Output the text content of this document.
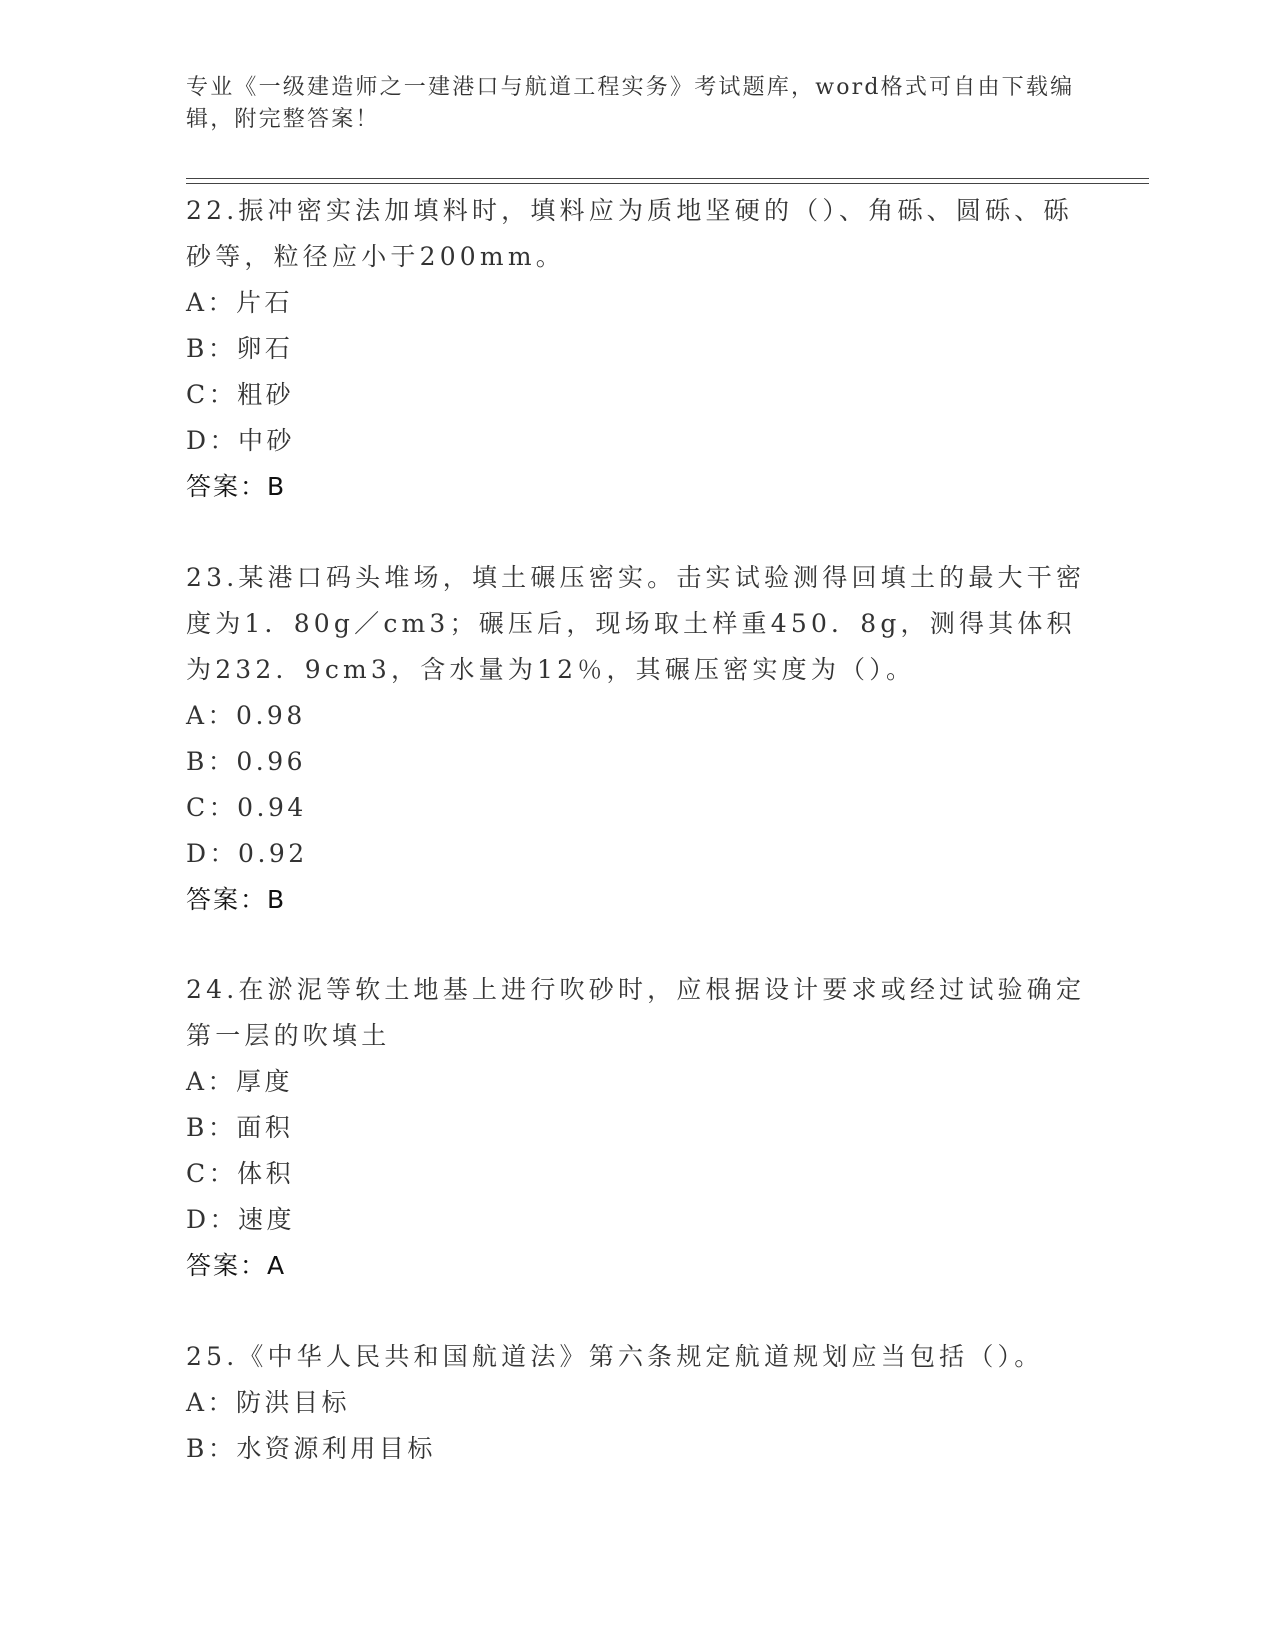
专业《一级建造师之一建港口与航道工程实务》考试题库，word格式可自由下载编辑，附完整答案！

22.振冲密实法加填料时，填料应为质地坚硬的（）、角砾、圆砾、砾砂等，粒径应小于200mm。

A：片石

B：卵石

C：粗砂

D：中砂

答案：B

23.某港口码头堆场，填土碾压密实。击实试验测得回填土的最大干密度为1．80g／cm3；碾压后，现场取土样重450．8g，测得其体积为232．9cm3，含水量为12％，其碾压密实度为（）。

A：0.98

B：0.96

C：0.94

D：0.92

答案：B

24.在淤泥等软土地基上进行吹砂时，应根据设计要求或经过试验确定第一层的吹填土

A：厚度

B：面积

C：体积

D：速度

答案：A

25.《中华人民共和国航道法》第六条规定航道规划应当包括（）。

A：防洪目标

B：水资源利用目标
